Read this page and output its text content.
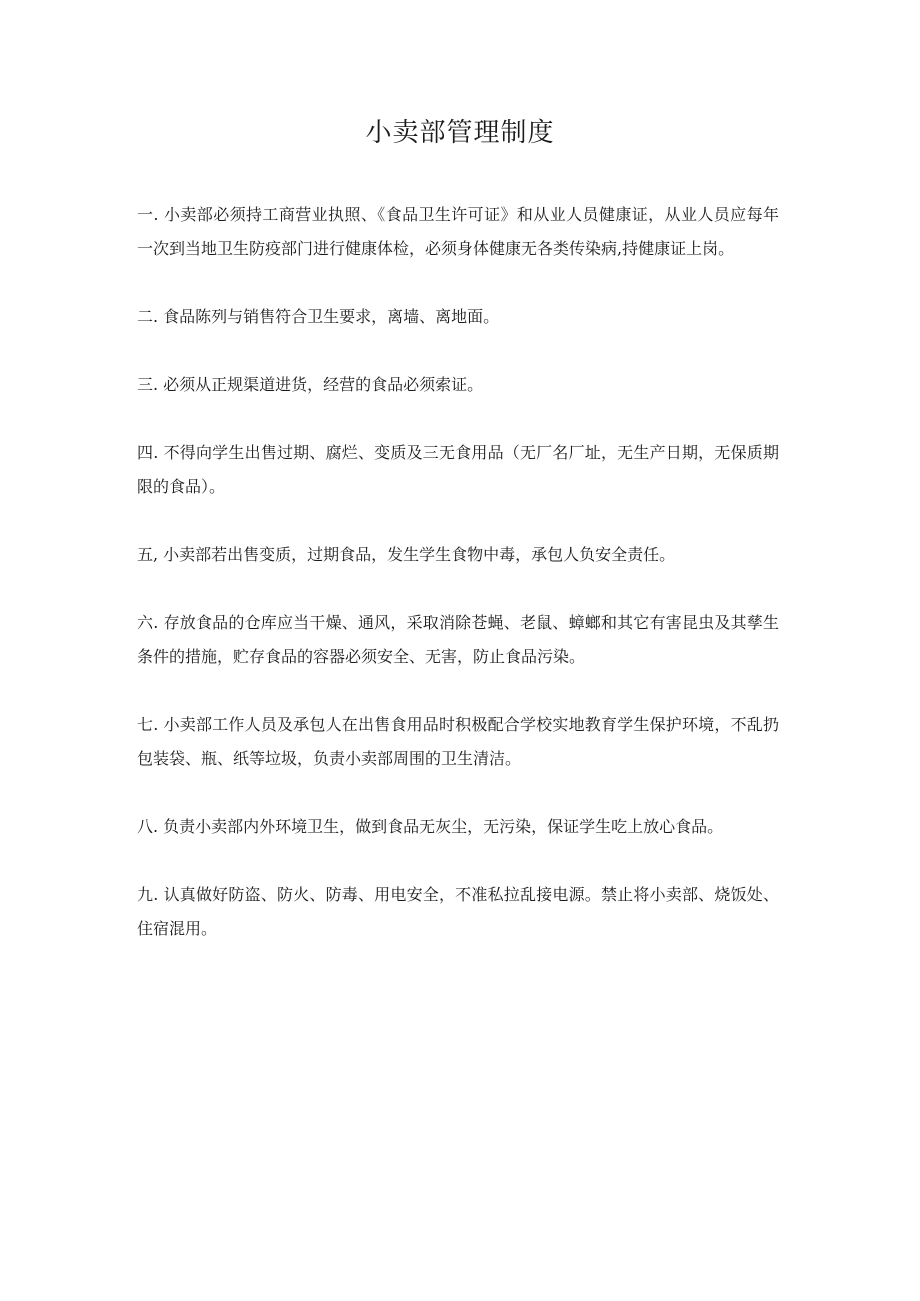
小卖部管理制度

一. 小卖部必须持工商营业执照、《食品卫生许可证》和从业人员健康证，从业人员应每年一次到当地卫生防疫部门进行健康体检，必须身体健康无各类传染病,持健康证上岗。

二. 食品陈列与销售符合卫生要求，离墙、离地面。

三. 必须从正规渠道进货，经营的食品必须索证。

四. 不得向学生出售过期、腐烂、变质及三无食用品（无厂名厂址，无生产日期，无保质期限的食品）。

五, 小卖部若出售变质，过期食品，发生学生食物中毒，承包人负安全责任。

六. 存放食品的仓库应当干燥、通风，采取消除苍蝇、老鼠、蟑螂和其它有害昆虫及其孳生条件的措施，贮存食品的容器必须安全、无害，防止食品污染。

七. 小卖部工作人员及承包人在出售食用品时积极配合学校实地教育学生保护环境，不乱扔包装袋、瓶、纸等垃圾，负责小卖部周围的卫生清洁。

八. 负责小卖部内外环境卫生，做到食品无灰尘，无污染，保证学生吃上放心食品。

九. 认真做好防盗、防火、防毒、用电安全，不准私拉乱接电源。禁止将小卖部、烧饭处、住宿混用。
